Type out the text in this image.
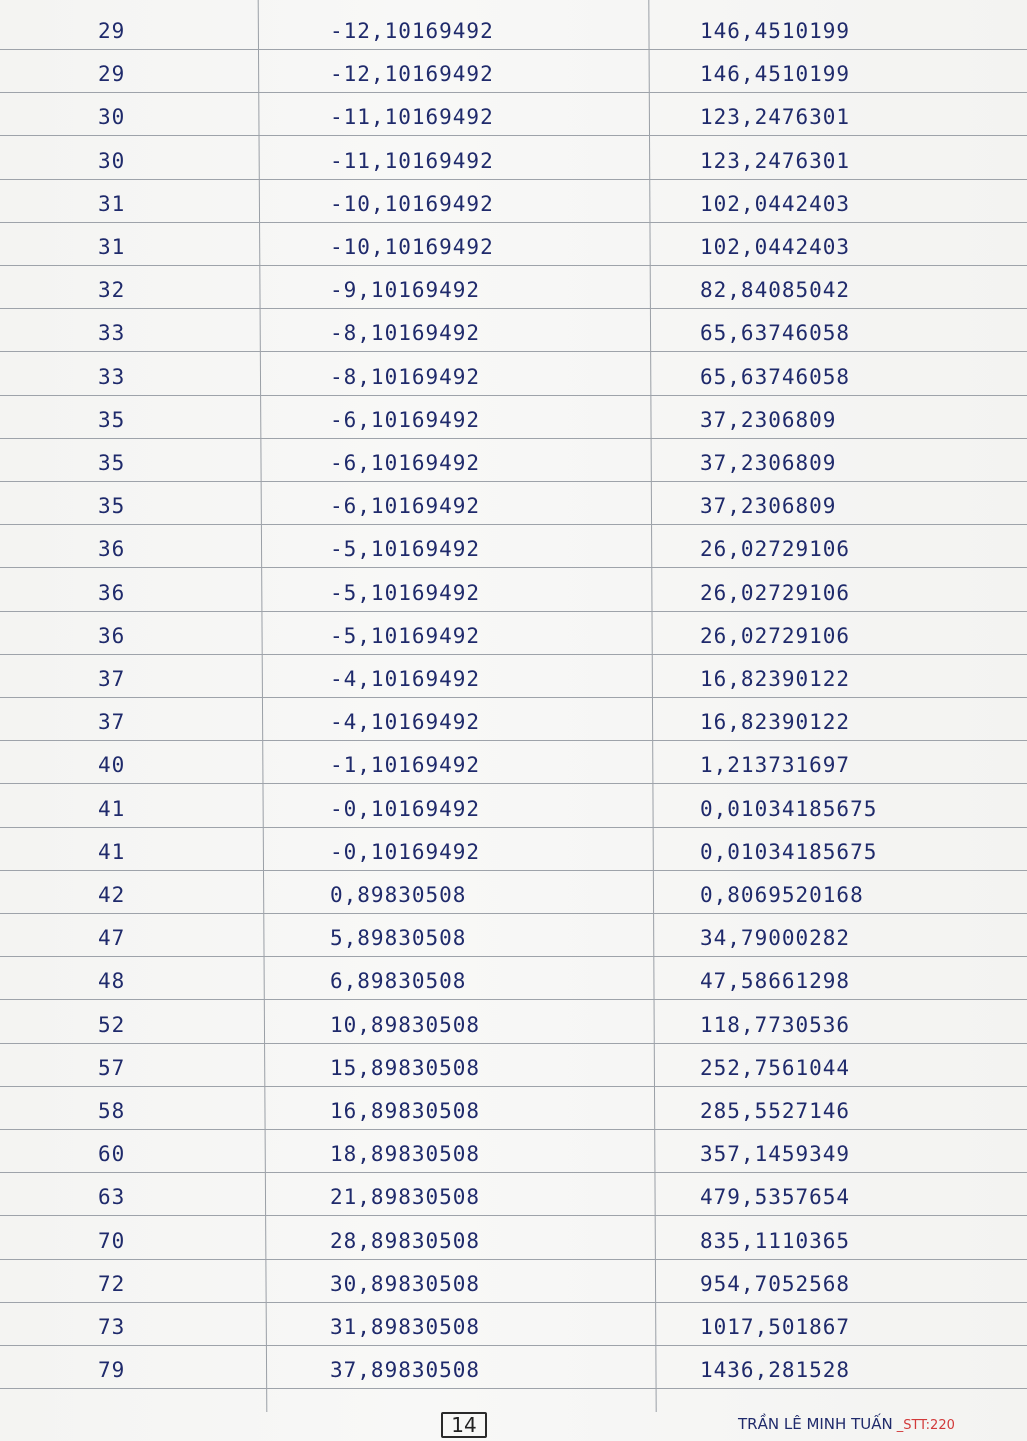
29	-12,10169492	146,4510199
29	-12,10169492	146,4510199
30	-11,10169492	123,2476301
30	-11,10169492	123,2476301
31	-10,10169492	102,0442403
31	-10,10169492	102,0442403
32	-9,10169492	82,84085042
33	-8,10169492	65,63746058
33	-8,10169492	65,63746058
35	-6,10169492	37,2306809
35	-6,10169492	37,2306809
35	-6,10169492	37,2306809
36	-5,10169492	26,02729106
36	-5,10169492	26,02729106
36	-5,10169492	26,02729106
37	-4,10169492	16,82390122
37	-4,10169492	16,82390122
40	-1,10169492	1,213731697
41	-0,10169492	0,01034185675
41	-0,10169492	0,01034185675
42	0,89830508	0,8069520168
47	5,89830508	34,79000282
48	6,89830508	47,58661298
52	10,89830508	118,7730536
57	15,89830508	252,7561044
58	16,89830508	285,5527146
60	18,89830508	357,1459349
63	21,89830508	479,5357654
70	28,89830508	835,1110365
72	30,89830508	954,7052568
73	31,89830508	1017,501867
79	37,89830508	1436,281528
14	TRẦN LÊ MINH TUẤN _STT:220
